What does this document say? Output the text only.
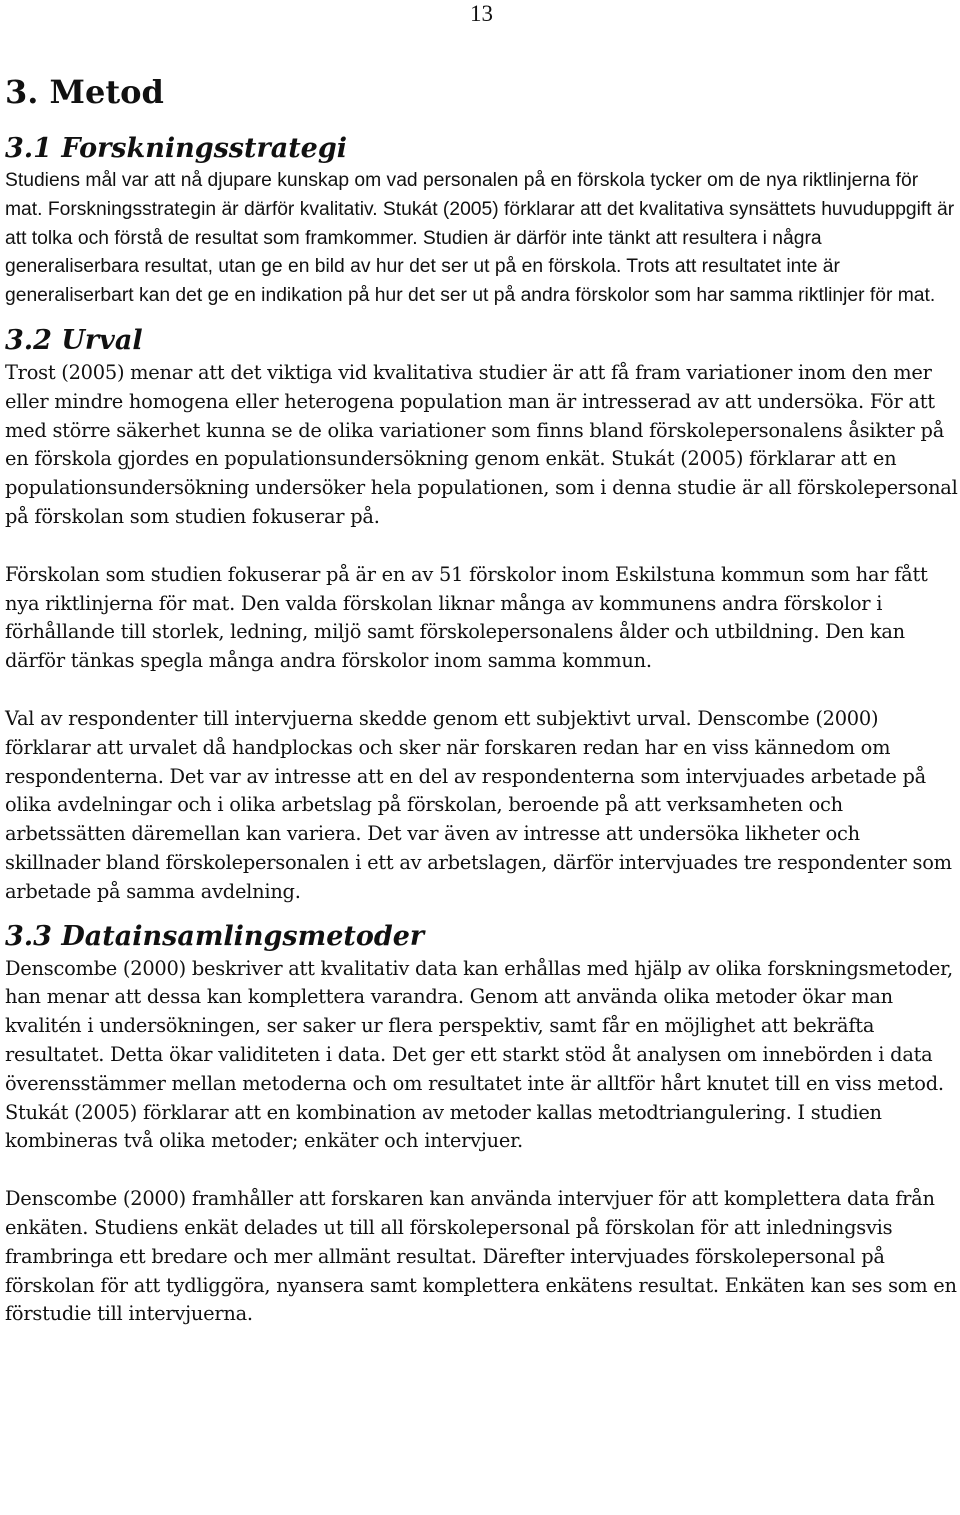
13
3. Metod
3.1 Forskningsstrategi

Studiens mål var att nå djupare kunskap om vad personalen på en förskola tycker om de nya riktlinjerna för mat. Forskningsstrategin är därför kvalitativ. Stukát (2005) förklarar att det kvalitativa synsättets huvuduppgift är att tolka och förstå de resultat som framkommer. Studien är därför inte tänkt att resultera i några generaliserbara resultat, utan ge en bild av hur det ser ut på en förskola. Trots att resultatet inte är generaliserbart kan det ge en indikation på hur det ser ut på andra förskolor som har samma riktlinjer för mat.

3.2 Urval

Trost (2005) menar att det viktiga vid kvalitativa studier är att få fram variationer inom den mer eller mindre homogena eller heterogena population man är intresserad av att undersöka. För att med större säkerhet kunna se de olika variationer som finns bland förskolepersonalens åsikter på en förskola gjordes en populationsundersökning genom enkät. Stukát (2005) förklarar att en populationsundersökning undersöker hela populationen, som i denna studie är all förskolepersonal på förskolan som studien fokuserar på.

Förskolan som studien fokuserar på är en av 51 förskolor inom Eskilstuna kommun som har fått nya riktlinjerna för mat. Den valda förskolan liknar många av kommunens andra förskolor i förhållande till storlek, ledning, miljö samt förskolepersonalens ålder och utbildning. Den kan därför tänkas spegla många andra förskolor inom samma kommun.

Val av respondenter till intervjuerna skedde genom ett subjektivt urval. Denscombe (2000) förklarar att urvalet då handplockas och sker när forskaren redan har en viss kännedom om respondenterna. Det var av intresse att en del av respondenterna som intervjuades arbetade på olika avdelningar och i olika arbetslag på förskolan, beroende på att verksamheten och arbetssätten däremellan kan variera. Det var även av intresse att undersöka likheter och skillnader bland förskolepersonalen i ett av arbetslagen, därför intervjuades tre respondenter som arbetade på samma avdelning.

3.3 Datainsamlingsmetoder

Denscombe (2000) beskriver att kvalitativ data kan erhållas med hjälp av olika forskningsmetoder, han menar att dessa kan komplettera varandra. Genom att använda olika metoder ökar man kvalitén i undersökningen, ser saker ur flera perspektiv, samt får en möjlighet att bekräfta resultatet. Detta ökar validiteten i data. Det ger ett starkt stöd åt analysen om innebörden i data överensstämmer mellan metoderna och om resultatet inte är alltför hårt knutet till en viss metod. Stukát (2005) förklarar att en kombination av metoder kallas metodtriangulering. I studien kombineras två olika metoder; enkäter och intervjuer.

Denscombe (2000) framhåller att forskaren kan använda intervjuer för att komplettera data från enkäten. Studiens enkät delades ut till all förskolepersonal på förskolan för att inledningsvis frambringa ett bredare och mer allmänt resultat. Därefter intervjuades förskolepersonal på förskolan för att tydliggöra, nyansera samt komplettera enkätens resultat. Enkäten kan ses som en förstudie till intervjuerna.
